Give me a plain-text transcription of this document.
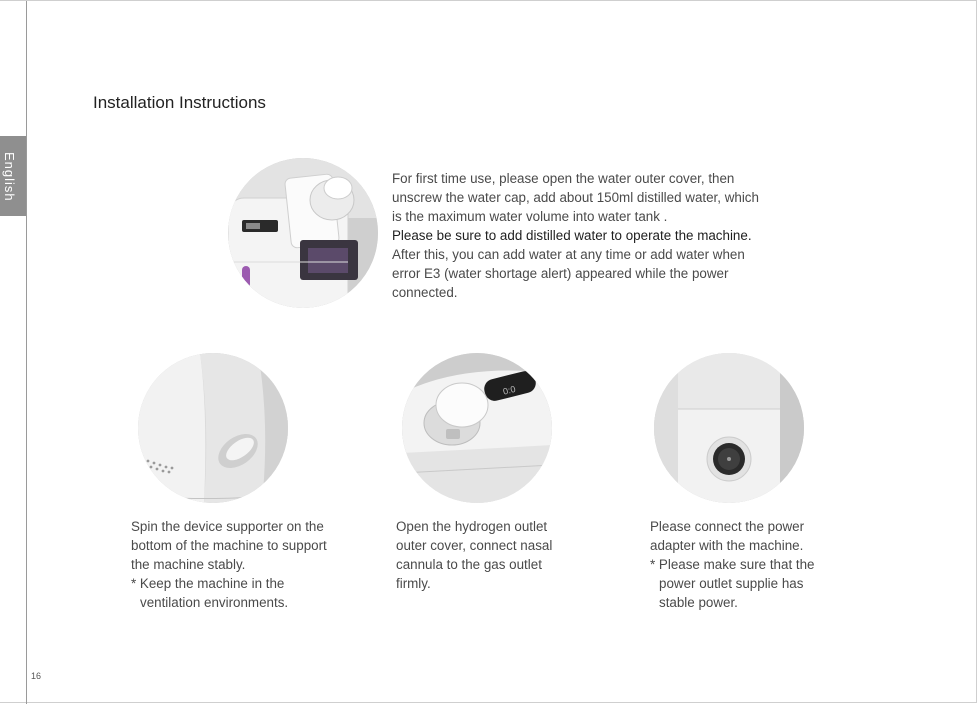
English
Installation Instructions

For first time use, please open the water outer cover, then unscrew the water cap, add about 150ml distilled water, which is the maximum water volume into water tank .

Please be sure to add distilled water to operate the machine. After this, you can add water at any time or add water when error E3 (water shortage alert) appeared while the power connected.

Spin the device supporter on the bottom of the machine to support the machine stably.

* Keep the machine in the ventilation environments.

0:0

Open the hydrogen outlet outer cover, connect nasal cannula to the gas outlet firmly.

Please connect the power adapter with the machine.

* Please make sure that the power outlet supplie has stable power.

16
